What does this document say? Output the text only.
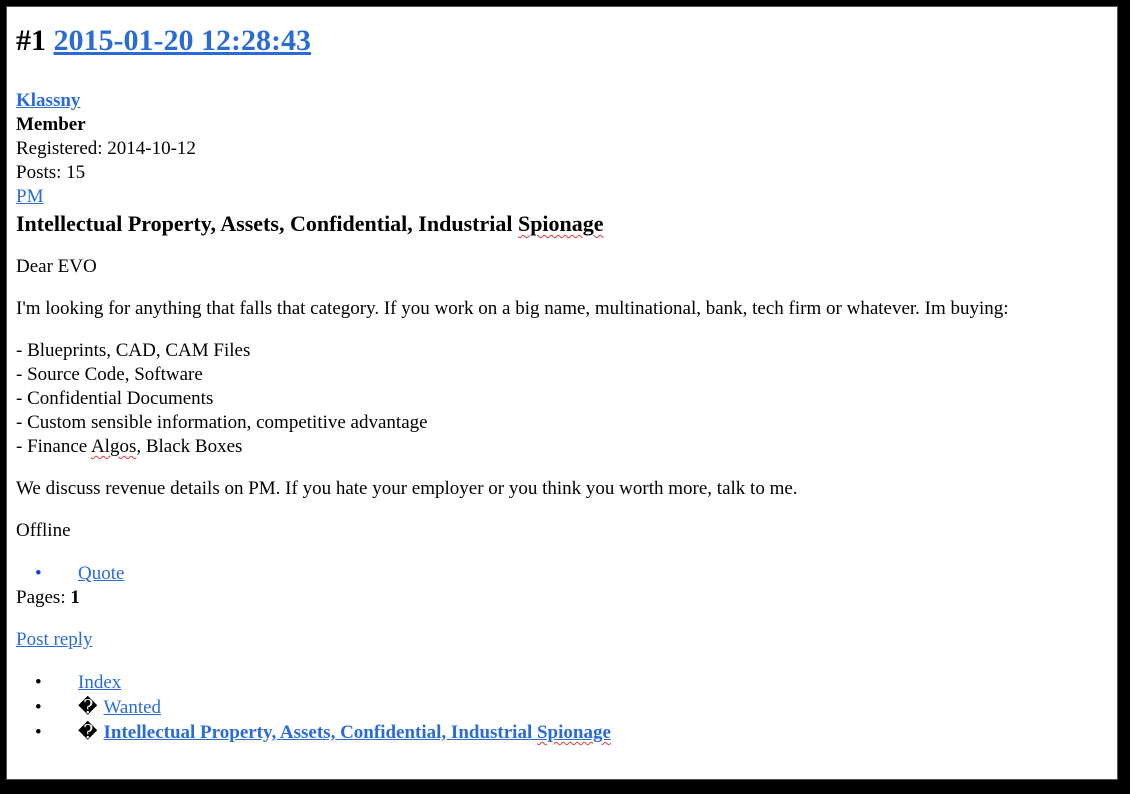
#1 2015-01-20 12:28:43
Klassny
Member
Registered: 2014-10-12
Posts: 15
PM
Intellectual Property, Assets, Confidential, Industrial Spionage
Dear EVO
I'm looking for anything that falls that category. If you work on a big name, multinational, bank, tech firm or whatever. Im buying:
- Blueprints, CAD, CAM Files
- Source Code, Software
- Confidential Documents
- Custom sensible information, competitive advantage
- Finance Algos, Black Boxes
We discuss revenue details on PM. If you hate your employer or you think you worth more, talk to me.
Offline
• Quote
Pages: 1
Post reply
• Index
• � Wanted
• � Intellectual Property, Assets, Confidential, Industrial Spionage
